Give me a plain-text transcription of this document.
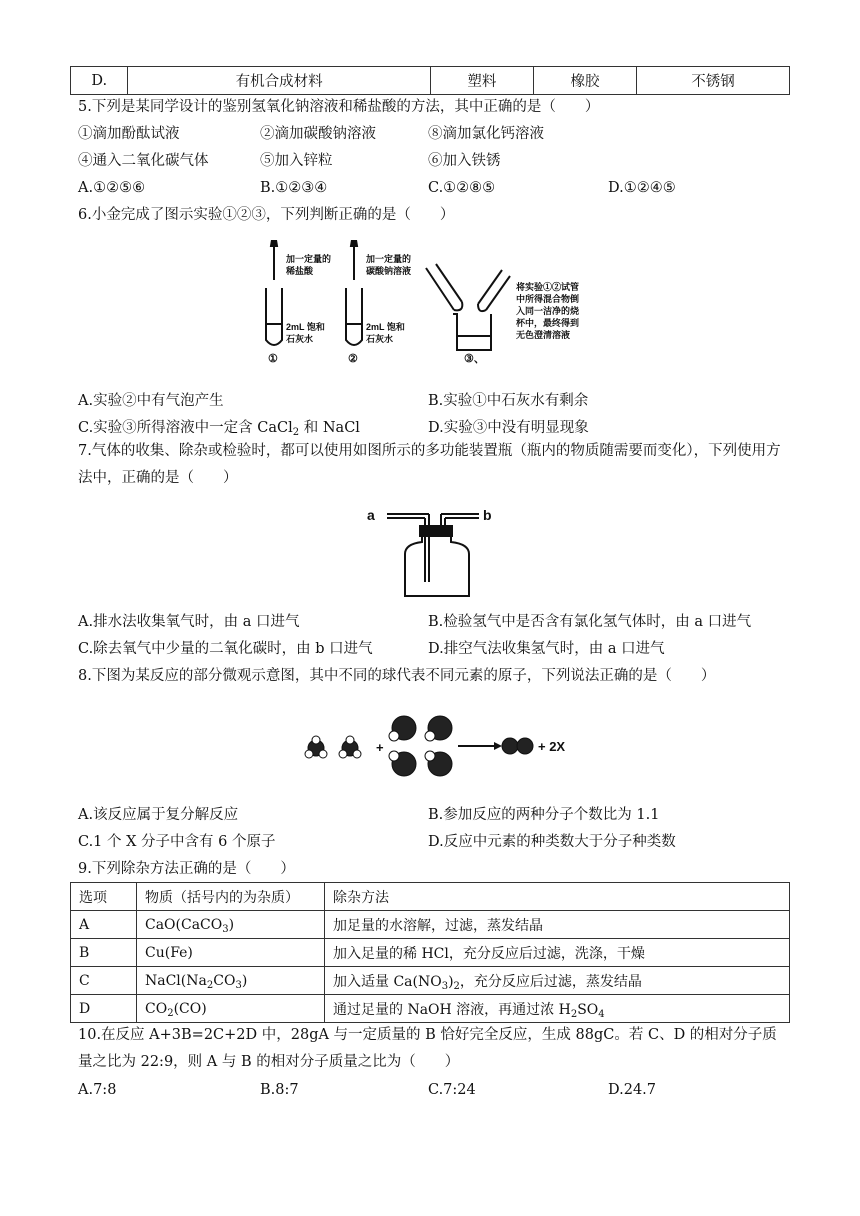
D.	有机合成材料	塑料	橡胶	不锈钢
5.下列是某同学设计的鉴别氢氧化钠溶液和稀盐酸的方法，其中正确的是（　　）
①滴加酚酞试液	②滴加碳酸钠溶液	⑧滴加氯化钙溶液
④通入二氧化碳气体	⑤加入锌粒	⑥加入铁锈
A.①②⑤⑥	B.①②③④	C.①②⑧⑤	D.①②④⑤
6.小金完成了图示实验①②③，下列判断正确的是（　　）
加一定量的
稀盐酸
2mL 饱和
石灰水
①
加一定量的
碳酸钠溶液
2mL 饱和
石灰水
②	③、
将实验①②试管
中所得混合物倒
入同一洁净的烧
杯中，最终得到
无色澄清溶液
A.实验②中有气泡产生	B.实验①中石灰水有剩余
C.实验③所得溶液中一定含 CaCl$_2$ 和 NaCl	D.实验③中没有明显现象
7.气体的收集、除杂或检验时，都可以使用如图所示的多功能装置瓶（瓶内的物质随需要而变化），下列使用方法中，正确的是（　　）
a	b
A.排水法收集氧气时，由 a 口进气	B.检验氢气中是否含有氯化氢气体时，由 a 口进气
C.除去氧气中少量的二氧化碳时，由 b 口进气	D.排空气法收集氢气时，由 a 口进气
8.下图为某反应的部分微观示意图，其中不同的球代表不同元素的原子，下列说法正确的是（　　）
+	+ 2X
A.该反应属于复分解反应	B.参加反应的两种分子个数比为 1.1
C.1 个 X 分子中含有 6 个原子	D.反应中元素的种类数大于分子种类数
9.下列除杂方法正确的是（　　）
选项	物质（括号内的为杂质）	除杂方法
A	CaO(CaCO$_3$)	加足量的水溶解，过滤，蒸发结晶
B	Cu(Fe)	加入足量的稀 HCl，充分反应后过滤，洗涤，干燥
C	$NaCl(Na_2CO_3)$	加入适量 $Ca(NO_3)_2$，充分反应后过滤，蒸发结晶
D	$CO_2(CO)$	通过足量的 NaOH 溶液，再通过浓 $H_2SO_4$
10.在反应 A+3B=2C+2D 中，28gA 与一定质量的 B 恰好完全反应，生成 88gC。若 C、D 的相对分子质量之比为 22:9，则 A 与 B 的相对分子质量之比为（　　）
A.7:8	B.8:7	C.7:24	D.24.7
